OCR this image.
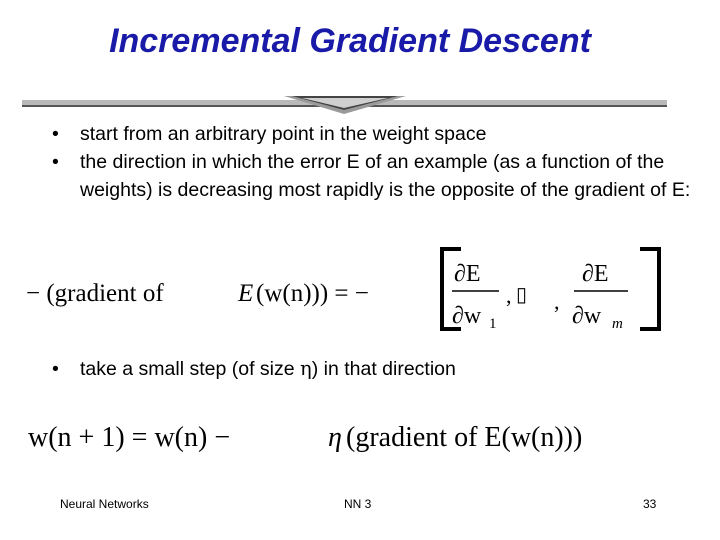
Incremental Gradient Descent
• start from an arbitrary point in the weight space
• the direction in which the error E of an example (as a function of the weights) is decreasing most rapidly is the opposite of the gradient of E:
− (gradient of	E (w(n))) = −
∂E
∂w 1
, ▯ ,
∂E
∂w m
•	take a small step (of size η) in that direction
w(n + 1) = w(n) −	η (gradient of E(w(n)))
Neural Networks	NN 3	33
